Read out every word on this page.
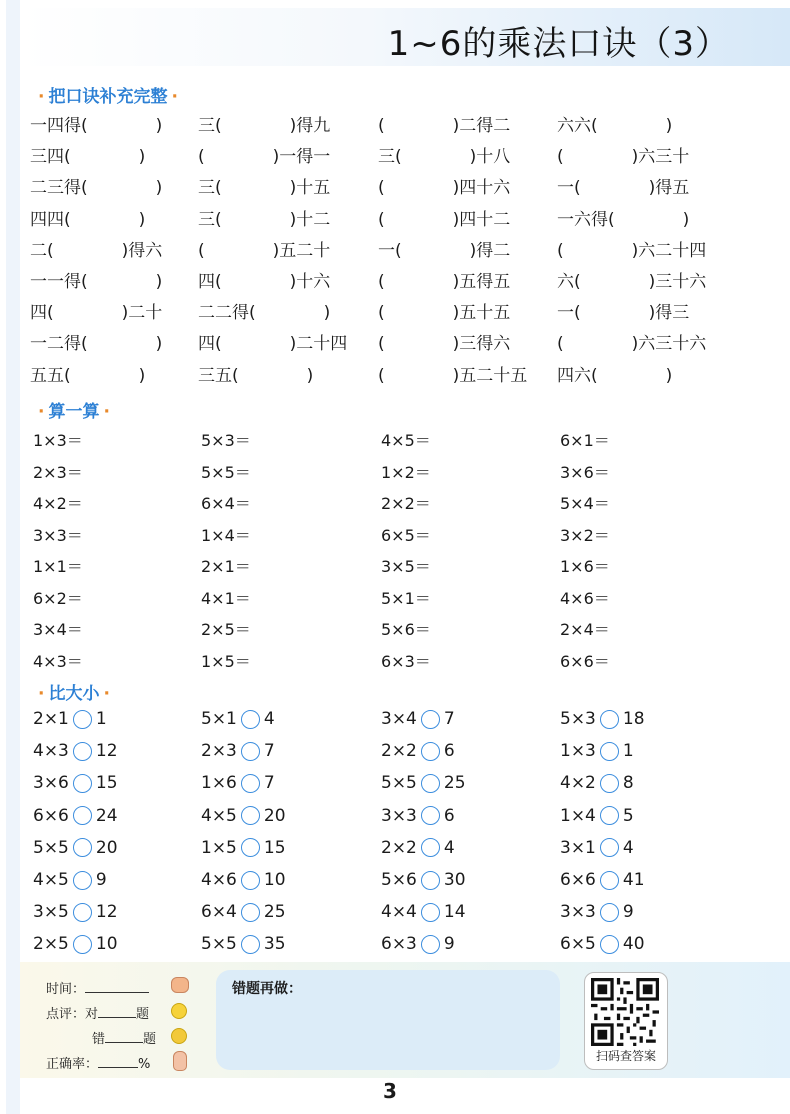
1~6的乘法口诀（3）
· 把口诀补充完整 ·
一四得(　　　　) 三(　　　　)得九	(　　　　)二得二	六六(　　　　)
三四(　　　　)	(　　　　)一得一	三(　　　　)十八	(　　　　)六三十
二三得(　　　　) 三(　　　　)十五	(　　　　)四十六	一(　　　　)得五
四四(　　　　)	三(　　　　)十二	(　　　　)四十二	一六得(　　　　)
二(　　　　)得六 (　　　　)五二十	一(　　　　)得二	(　　　　)六二十四
一一得(　　　　) 四(　　　　)十六	(　　　　)五得五	六(　　　　)三十六
四(　　　　)二十 二二得(　　　　)	(　　　　)五十五	一(　　　　)得三
一二得(　　　　) 四(　　　　)二十四 (　　　　)三得六	(　　　　)六三十六
五五(　　　　)	三五(　　　　)	(　　　　)五二十五 四六(　　　　)
· 算一算 ·
1×3＝	5×3＝	4×5＝	6×1＝
2×3＝	5×5＝	1×2＝	3×6＝
4×2＝	6×4＝	2×2＝	5×4＝
3×3＝	1×4＝	6×5＝	3×2＝
1×1＝	2×1＝	3×5＝	1×6＝
6×2＝	4×1＝	5×1＝	4×6＝
3×4＝	2×5＝	5×6＝	2×4＝
4×3＝	1×5＝	6×3＝	6×6＝
· 比大小 ·
2×1 1	5×1 4	3×4 7	5×3 18
4×3 12	2×3 7	2×2 6	1×3 1
3×6 15	1×6 7	5×5 25	4×2 8
6×6 24	4×5 20	3×3 6	1×4 5
5×5 20	1×5 15	2×2 4	3×1 4
4×5 9	4×6 10	5×6 30	6×6 41
3×5 12	6×4 25	4×4 14	3×3 9
2×5 10	5×5 35	6×3 9	6×5 40
时间：
点评：对	题
错	题
正确率：	%
错题再做：
扫码查答案
3
